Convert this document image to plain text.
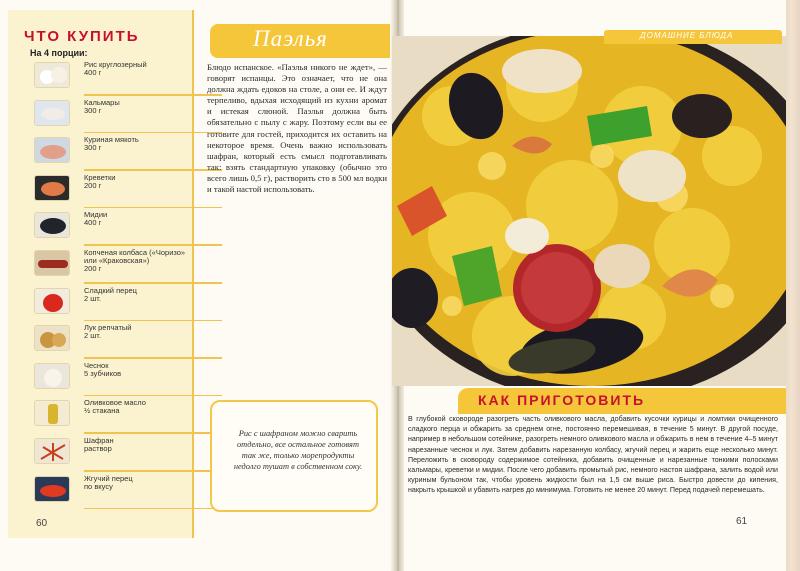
ЧТО КУПИТЬ
На 4 порции:
Рис круглозерный
400 г
Кальмары
300 г
Куриная мякоть
300 г
Креветки
200 г
Мидии
400 г
Копченая колбаса («Чоризо» или «Краковская»)
200 г
Сладкий перец
2 шт.
Лук репчатый
2 шт.
Чеснок
5 зубчиков
Оливковое масло
½ стакана
Шафран
раствор
Жгучий перец
по вкусу
Паэлья
Блюдо испанское. «Паэлья никого не ждет», — говорят испанцы. Это означает, что не она должна ждать едоков на столе, а они ее. И ждут терпеливо, вдыхая исходящий из кухни аромат и истекая слюной. Паэлья должна быть обязательно с пылу с жару. Поэтому если вы ее готовите для гостей, приходится их оставить на некоторое время. Очень важно использовать шафран, который есть смысл подготавливать так: взять стандартную упаковку (обычно это всего лишь 0,5 г), растворить сто в 500 мл водки и такой настой использовать.
Рис с шафраном можно сварить отдельно, все остальное готовят так же, только морепродукты недолго тушат в собственном соку.
60
ДОМАШНИЕ БЛЮДА
КАК ПРИГОТОВИТЬ
В глубокой сковороде разогреть часть оливкового масла, добавить кусочки курицы и ломтики очищенного сладкого перца и обжарить за среднем огне, постоянно перемешивая, в течение 5 минут. В другой посуде, например в небольшом сотейнике, разогреть немного оливкового масла и обжарить в нем в течение 4–5 минут нарезанные чеснок и лук. Затем добавить нарезанную колбасу, жгучий перец и жарить еще несколько минут. Переложить в сковороду содержимое сотейника, добавить очищенные и нарезанные тонкими полосками кальмары, креветки и мидии. После чего добавить промытый рис, немного настоя шафрана, залить водой или куриным бульоном так, чтобы уровень жидкости был на 1,5 см выше риса. Быстро довести до кипения, накрыть крышкой и убавить нагрев до минимума. Готовить не менее 20 минут. Перед подачей перемешать.
61
